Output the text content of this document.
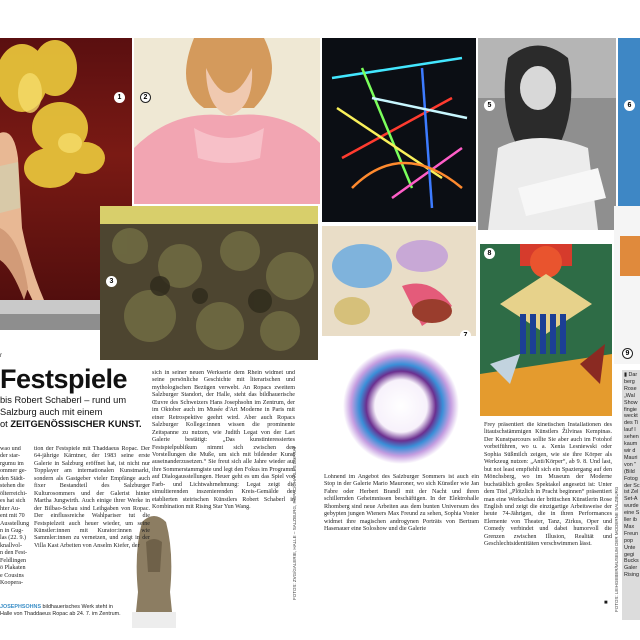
1	2
5	6
3
7
8
9
r
Festspiele
bis Robert Schaberl – rund um
Salzburg auch mit einem
ot ZEITGENÖSSISCHER KUNST.
wao und
der star-
rgumu im
ommer ge-
den Städt-
stehen die
ölterreichi-
es hat sich
hter Au-
ent mit 70
Ausstellung
n in Gug-
las (22. 9.)
knallvol-
n den Fest-
Feldlingen
ö Plakaten
e Cousins
Koopera-
tion der Festspiele mit Thaddaeus Ropac. Der 64-jährige Kärntner, der 1983 seine erste Galerie in Salzburg eröffnet hat, ist nicht nur Topplayer am internationalen Kunstmarkt, sondern als Gastgeber vieler Empfänge auch fixer Bestandteil des Salzburger Kulturosommers und der Galerist hinter Martha Jungwirth. Auch einige ihrer Werke in der Bilbao-Schau sind Leihgaben von Ropac. Der einflussreiche Wahlpariser tut die Festspielzeit auch heuer wieder, um seine Künstler:innen mit Kurator:innen wie Sammler:innen zu vernetzen, und zeigt in der Villa Kast Arbeiten von Anselm Kiefer, der
sich in seiner neuen Werkserie dem Rhein widmet und seine persönliche Geschichte mit literarischen und mythologischen Bezügen verwebt. An Ropacs zweitem Salzburger Standort, der Halle, steht das bildhauerische Œuvre des Schweizers Hans Josephsohn im Zentrum, der im Oktober auch im Musée d'Art Moderne in Paris mit einer Retrospektive geehrt wird. Aber auch Ropacs Salzburger Kollege:innen wissen die prominente Zeitspanne zu nutzen, wie Judith Legat von der Lart Galerie bestätigt: „Das kunstinteressiertes Festspielpublikum nimmt sich zwischen den Vorstellungen die Muße, um sich mit bildender Kunst auseinanderzusetzen.“ Sie freut sich alle Jahre wieder auf ihre Sommerstammgiste und legt den Fokus im Programm auf Dialogausstellungen. Heuer geht es um das Spiel von Farb- und Lichtwahrnehmung: Legat zeigt die simultierenden inszenierenden Kreis-Gemälde des etablierten steirischen Künstlers Robert Schaberl in Kombination mit Rising Star Yun Wang.	FOTOS: ZVG/GALERIE, HALLE – SALZBURG, ROPAC/CHARLES DUPRAT	Lohnend im Angebot des Salzburger Sommers ist auch ein Stop in der Galerie Mario Mauroner, wo sich Künstler wie Jan Fabre oder Herbert Brandl mit der Nacht und ihren schillernden Geheimnissen beschäftigen. In der Elektrohalle Rhomberg sind neue Arbeiten aus dem bunten Universum des gebypten jungen Wieners Max Freund zu sehen, Sophia Vonier widmet ihre magischen androgynen Porträts von Bertram Hasenauer eine Soloshow und die Galerie
Frey präsentiert die kinetischen Installationen des litauischstämmigen Künstlers Žilvinas Kempinas. Der Kunstparcours sollte Sie aber auch im Fotohof vorbeiführen, wo u. a. Xenia Lesniewski oder Sophia Süßmilch zeigen, wie sie ihre Körper als Werkzeug nutzen: „Anti/Körper“, ab 9. 8. Und last, but not least empfiehlt sich ein Spaziergang auf den Mönchsberg, wo im Museum der Moderne buchstäblich großes Spektakel angesetzt ist: Unter dem Titel „Plötzlich in Pracht beginnen“ präsentiert man eine Werkschau der britischen Künstlerin Rose English und zeigt die einzigartige Arbeitsweise der heute 74-Jährigen, die in ihren Performances Elemente von Theater, Tanz, Zirkus, Oper und Comedy verbindet und dabei humorvoll die Grenzen zwischen Illusion, Realität und Geschlechtsidentitäten verschwimmen lässt.
■ FOTOS: LEIHGEBER/MUSEUM DER MODERNE SALZBURG
JOSEPHSOHNS bildhauerisches Werk steht in
Halle von Thaddaeus Ropac ab 24. 7. im Zentrum.
▮ Dar
berg
Rose
„Wal
Show
fingie
weckt
des Ti
lauf I
sehen
kaum
wir d
Mauri
von "
(Bild
Fotog
der Sc
ist Zel
Set-A
wurde
eine S
ller ib
Max
Freun
pop
Unte
gegi
Bucks
Galer
Rising
